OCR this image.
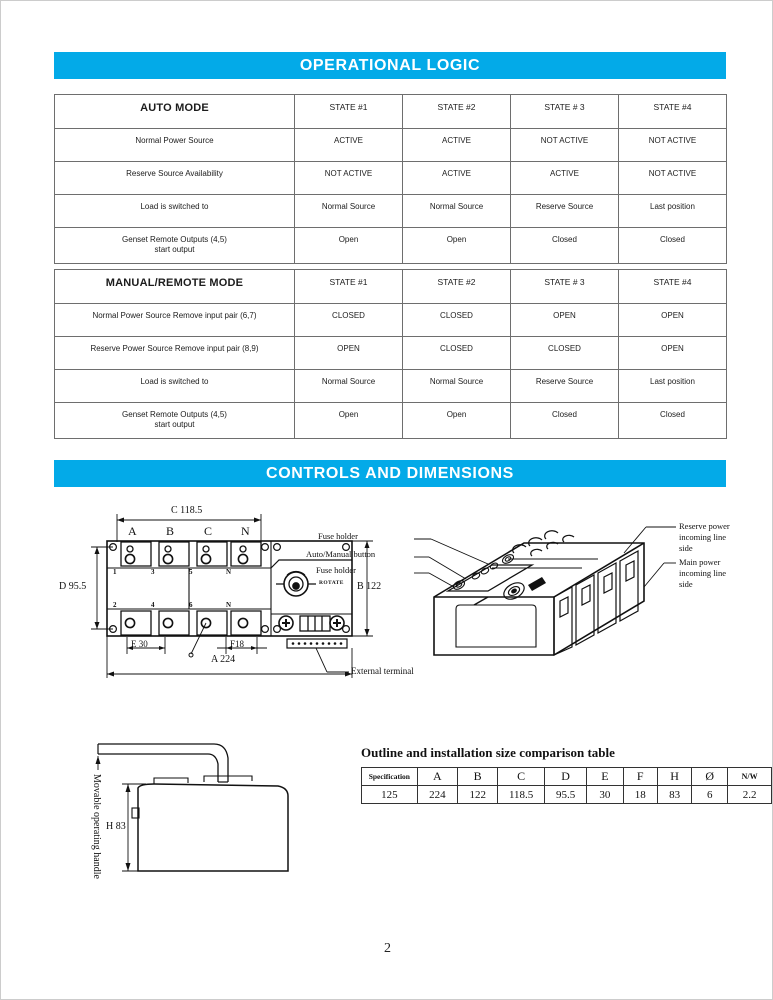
OPERATIONAL LOGIC
AUTO MODE	STATE #1	STATE #2	STATE # 3	STATE #4
Normal Power Source	ACTIVE	ACTIVE	NOT ACTIVE	NOT ACTIVE
Reserve Source Availability	NOT ACTIVE	ACTIVE	ACTIVE	NOT ACTIVE
Load is switched to	Normal Source	Normal Source	Reserve Source	Last position
Genset Remote Outputs (4,5)
start output	Open	Open	Closed	Closed
MANUAL/REMOTE MODE	STATE #1	STATE #2	STATE # 3	STATE #4
Normal Power Source Remove input pair (6,7)	CLOSED	CLOSED	OPEN	OPEN
Reserve Power Source Remove input pair (8,9)	OPEN	CLOSED	CLOSED	OPEN
Load is switched to	Normal Source	Normal Source	Reserve Source	Last position
Genset Remote Outputs (4,5)
start output	Open	Open	Closed	Closed
CONTROLS AND DIMENSIONS
C 118.5
D 95.5	B 122
A 224
E 30	F18
A B C N
1	3	5	N
2	4	6	N
ROTATE
External terminal
Fuse holder
Auto/Manual button
Fuse holder
Reserve power
incoming line
side
Main power
incoming line
side
H 83
Movable operating handle
Outline and installation size comparison table
Specification	A	B	C	D	E	F	H	Ø	N/W
125	224	122	118.5	95.5	30	18	83	6	2.2
2
